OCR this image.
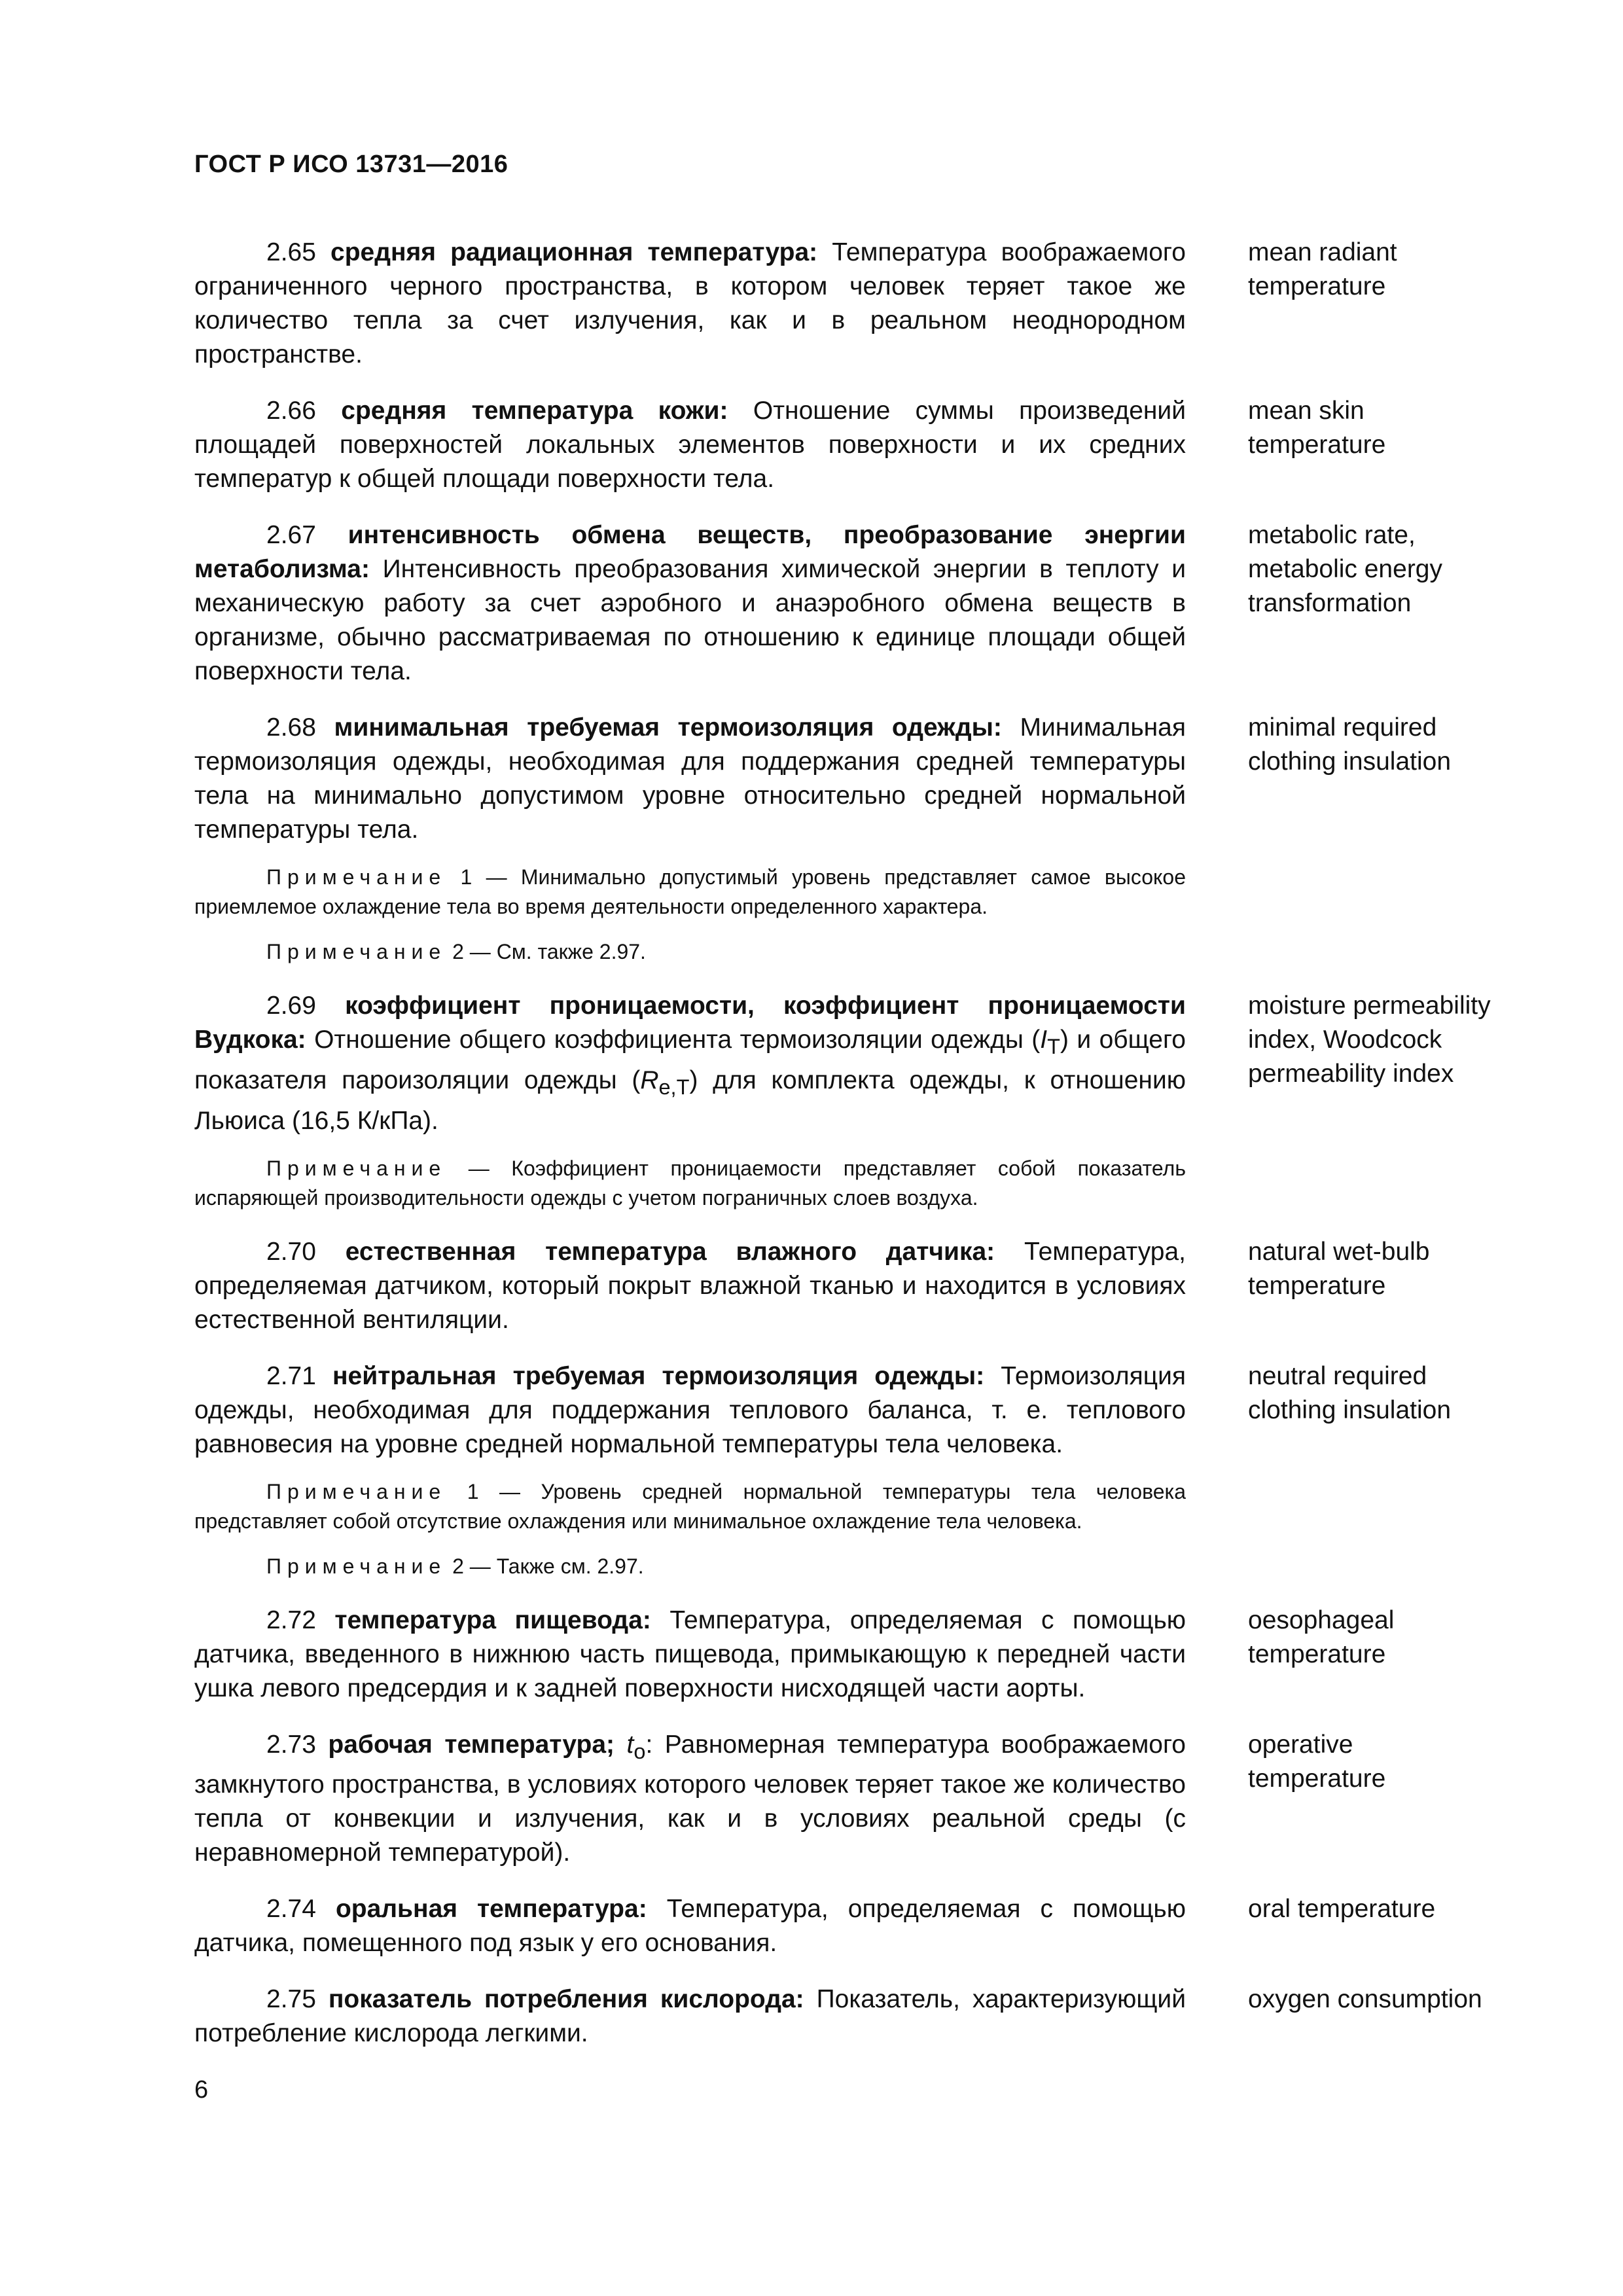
ГОСТ Р ИСО 13731—2016

2.65 средняя радиационная температура: Температура воображаемого ограниченного черного пространства, в котором человек теряет такое же количество тепла за счет излучения, как и в реальном неоднородном пространстве.

mean radiant
temperature

2.66 средняя температура кожи: Отношение суммы произведений площадей поверхностей локальных элементов поверхности и их средних температур к общей площади поверхности тела.

mean skin
temperature

2.67 интенсивность обмена веществ, преобразование энергии метаболизма: Интенсивность преобразования химической энергии в теплоту и механическую работу за счет аэробного и анаэробного обмена веществ в организме, обычно рассматриваемая по отношению к единице площади общей поверхности тела.

metabolic rate,
metabolic energy
transformation

2.68 минимальная требуемая термоизоляция одежды: Минимальная термоизоляция одежды, необходимая для поддержания средней температуры тела на минимально допустимом уровне относительно средней нормальной температуры тела.

Примечание 1 — Минимально допустимый уровень представляет самое высокое приемлемое охлаждение тела во время деятельности определенного характера.

Примечание 2 — См. также 2.97.

minimal required
clothing insulation

2.69 коэффициент проницаемости, коэффициент проницаемости Вудкока: Отношение общего коэффициента термоизоляции одежды $(I_T)$ и общего показателя пароизоляции одежды $(R_{e,T})$ для комплекта одежды, к отношению Льюиса (16,5 К/кПа).

Примечание — Коэффициент проницаемости представляет собой показатель испаряющей производительности одежды с учетом пограничных слоев воздуха.

moisture permeability
index, Woodcock
permeability index

2.70 естественная температура влажного датчика: Температура, определяемая датчиком, который покрыт влажной тканью и находится в условиях естественной вентиляции.

natural wet-bulb
temperature

2.71 нейтральная требуемая термоизоляция одежды: Термоизоляция одежды, необходимая для поддержания теплового баланса, т. е. теплового равновесия на уровне средней нормальной температуры тела человека.

Примечание 1 — Уровень средней нормальной температуры тела человека представляет собой отсутствие охлаждения или минимальное охлаждение тела человека.

Примечание 2 — Также см. 2.97.

neutral required
clothing insulation

2.72 температура пищевода: Температура, определяемая с помощью датчика, введенного в нижнюю часть пищевода, примыкающую к передней части ушка левого предсердия и к задней поверхности нисходящей части аорты.

oesophageal
temperature

2.73 рабочая температура; $t_o$: Равномерная температура воображаемого замкнутого пространства, в условиях которого человек теряет такое же количество тепла от конвекции и излучения, как и в условиях реальной среды (с неравномерной температурой).

operative
temperature

2.74 оральная температура: Температура, определяемая с помощью датчика, помещенного под язык у его основания.

oral temperature

2.75 показатель потребления кислорода: Показатель, характеризующий потребление кислорода легкими.

oxygen consumption
6
